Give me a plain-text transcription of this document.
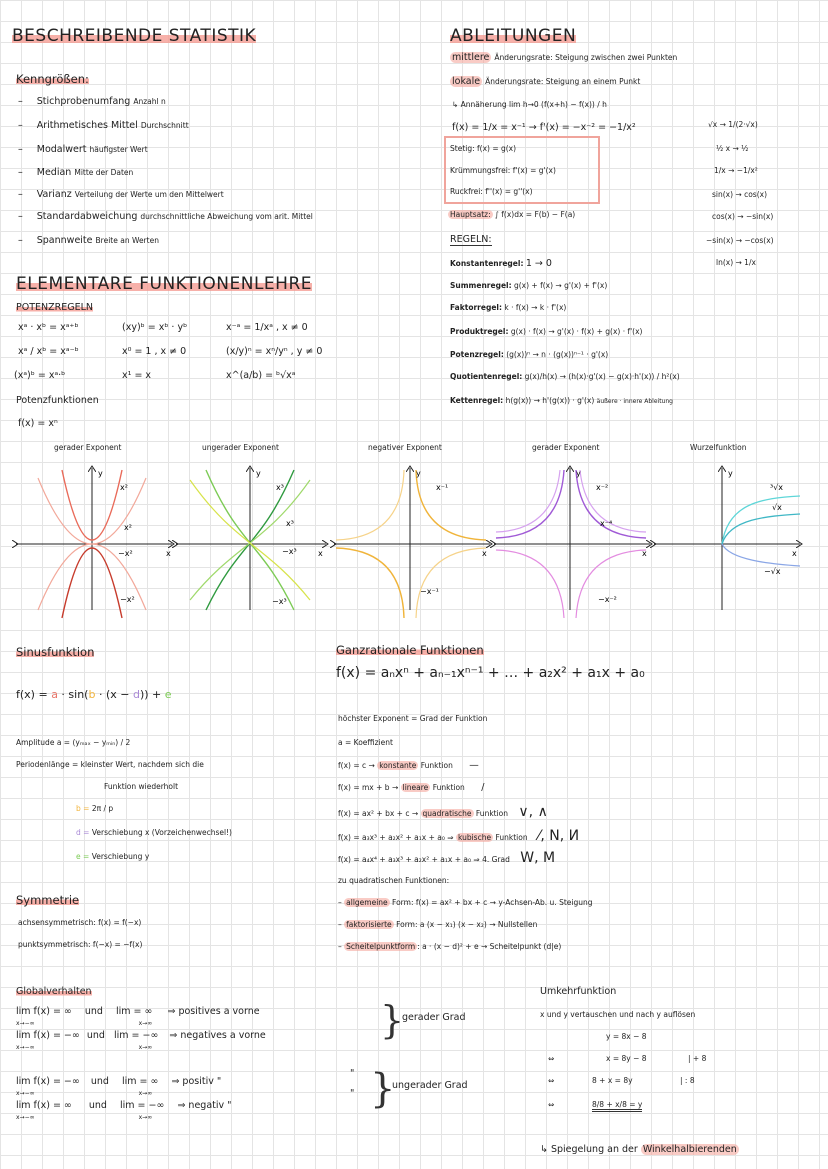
BESCHREIBENDE STATISTIK
Kenngrößen:
– Stichprobenumfang Anzahl n
– Arithmetisches Mittel Durchschnitt
– Modalwert häufigster Wert
– Median Mitte der Daten
– Varianz Verteilung der Werte um den Mittelwert
– Standardabweichung durchschnittliche Abweichung vom arit. Mittel
– Spannweite Breite an Werten
ELEMENTARE FUNKTIONENLEHRE
POTENZREGELN
xᵃ · xᵇ = xᵃ⁺ᵇ	(xy)ᵇ = xᵇ · yᵇ	x⁻ᵃ = 1/xᵃ , x ≠ 0
xᵃ / xᵇ = xᵃ⁻ᵇ	x⁰ = 1 , x ≠ 0	(x/y)ⁿ = xⁿ/yⁿ , y ≠ 0
(xᵃ)ᵇ = xᵃ·ᵇ	x¹ = x	x^(a/b) = ᵇ√xᵃ
Potenzfunktionen
f(x) = xⁿ
ABLEITUNGEN
mittlere Änderungsrate: Steigung zwischen zwei Punkten
lokale Änderungsrate: Steigung an einem Punkt
↳ Annäherung lim h→0 (f(x+h) − f(x)) / h
f(x) = 1/x = x⁻¹ → f'(x) = −x⁻² = −1/x²
Stetig: f(x) = g(x)
Krümmungsfrei: f'(x) = g'(x)
Ruckfrei: f''(x) = g''(x)
Hauptsatz: ∫ f(x)dx = F(b) − F(a)
√x → 1/(2·√x)
½ x → ½
1/x → −1/x²
sin(x) → cos(x)
cos(x) → −sin(x)
−sin(x) → −cos(x)
ln(x) → 1/x
REGELN:
Konstantenregel: 1 → 0
Summenregel: g(x) + f(x) → g'(x) + f'(x)
Faktorregel: k · f(x) → k · f'(x)
Produktregel: g(x) · f(x) → g'(x) · f(x) + g(x) · f'(x)
Potenzregel: (g(x))ⁿ → n · (g(x))ⁿ⁻¹ · g'(x)
Quotientenregel: g(x)/h(x) → (h(x)·g'(x) − g(x)·h'(x)) / h²(x)
Kettenregel: h(g(x)) → h'(g(x)) · g'(x) äußere · innere Ableitung
gerader Exponent	ungerader Exponent	negativer Exponent	gerader Exponent	Wurzelfunktion
x
y
x²
x²
−x²
−x²
x
y
x³
x³
−x³
−x³
x
y
x⁻¹
−x⁻¹
x
y
x⁻²
x⁻⁴
−x⁻²
x
y
³√x
√x
−√x
Sinusfunktion
f(x) = a · sin(b · (x − d)) + e
Amplitude a = (yₘₐₓ − yₘᵢₙ) / 2
Periodenlänge = kleinster Wert, nachdem sich die
Funktion wiederholt
b = 2π / p
d = Verschiebung x (Vorzeichenwechsel!)
e = Verschiebung y
Symmetrie
achsensymmetrisch: f(x) = f(−x)
punktsymmetrisch: f(−x) = −f(x)
Ganzrationale Funktionen
f(x) = aₙxⁿ + aₙ₋₁xⁿ⁻¹ + … + a₂x² + a₁x + a₀
höchster Exponent = Grad der Funktion
a = Koeffizient
f(x) = c → konstante Funktion —
f(x) = mx + b → lineare Funktion /
f(x) = ax² + bx + c → quadratische Funktion ∨, ∧
f(x) = a₃x³ + a₂x² + a₁x + a₀ ⇒ kubische Funktion ⁄, N, И
f(x) = a₄x⁴ + a₃x³ + a₂x² + a₁x + a₀ ⇒ 4. Grad W, M
zu quadratischen Funktionen:
– allgemeine Form: f(x) = ax² + bx + c → y-Achsen-Ab. u. Steigung
– faktorisierte Form: a (x − x₁) (x − x₂) → Nullstellen
– Scheitelpunktform : a · (x − d)² + e → Scheitelpunkt (d|e)
Globalverhalten
lim f(x) = ∞ und lim = ∞ ⇒ positives a vorne
x→−∞	x→∞
lim f(x) = −∞ und lim = −∞ ⇒ negatives a vorne
x→−∞	x→∞
}
gerader Grad
lim f(x) = −∞ und lim = ∞ ⇒ positiv "
x→−∞	x→∞
lim f(x) = ∞ und lim = −∞ ⇒ negativ "
x→−∞	x→∞
"
" }
ungerader Grad
Umkehrfunktion
x und y vertauschen und nach y auflösen
y = 8x − 8
⇔	x = 8y − 8	| + 8
⇔	8 + x = 8y	| : 8
⇔	8/8 + x/8 = y
↳ Spiegelung an der Winkelhalbierenden
